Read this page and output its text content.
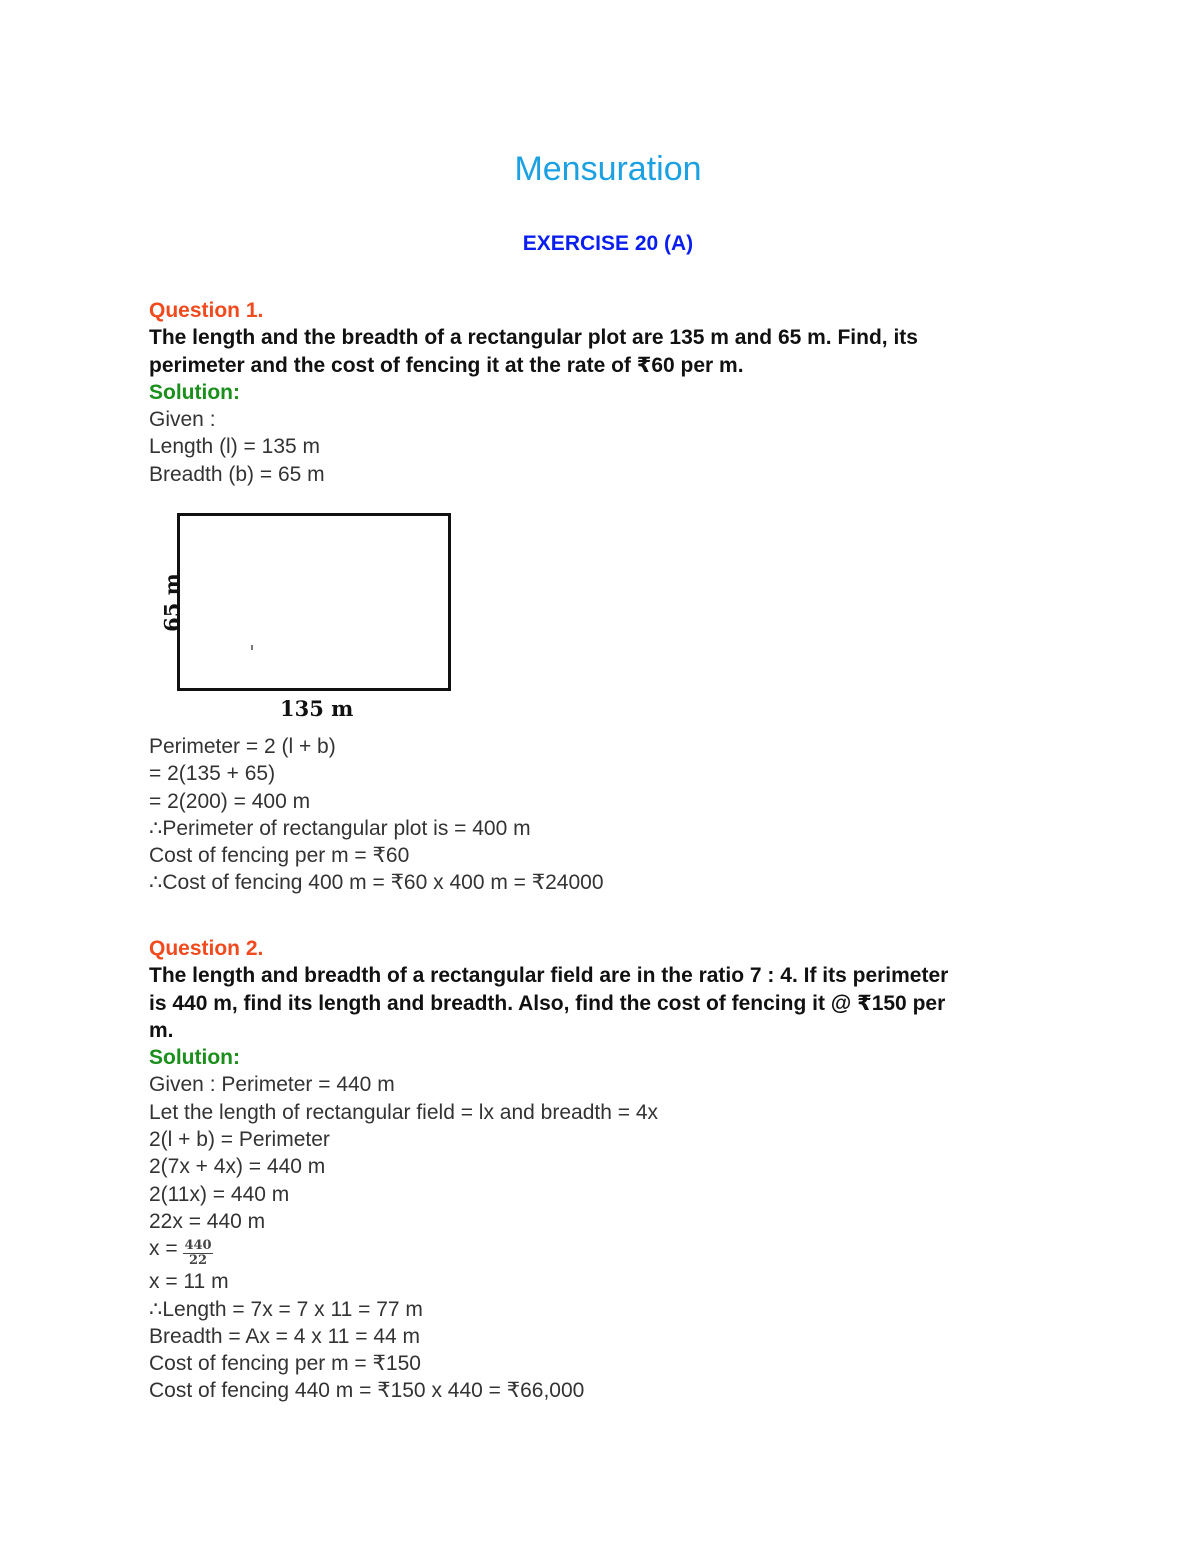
Mensuration
EXERCISE 20 (A)
Question 1.
The length and the breadth of a rectangular plot are 135 m and 65 m. Find, its
perimeter and the cost of fencing it at the rate of ₹60 per m.
Solution:
Given :
Length (l) = 135 m
Breadth (b) = 65 m
65 m
135 m
Perimeter = 2 (l + b)
= 2(135 + 65)
= 2(200) = 400 m
∴Perimeter of rectangular plot is = 400 m
Cost of fencing per m = ₹60
∴Cost of fencing 400 m = ₹60 x 400 m = ₹24000
Question 2.
The length and breadth of a rectangular field are in the ratio 7 : 4. If its perimeter
is 440 m, find its length and breadth. Also, find the cost of fencing it @ ₹150 per
m.
Solution:
Given : Perimeter = 440 m
Let the length of rectangular field = lx and breadth = 4x
2(l + b) = Perimeter
2(7x + 4x) = 440 m
2(11x) = 440 m
22x = 440 m
$x = \frac{440}{22}$
x = 11 m
∴Length = 7x = 7 x 11 = 77 m
Breadth = Ax = 4 x 11 = 44 m
Cost of fencing per m = ₹150
Cost of fencing 440 m = ₹150 x 440 = ₹66,000
